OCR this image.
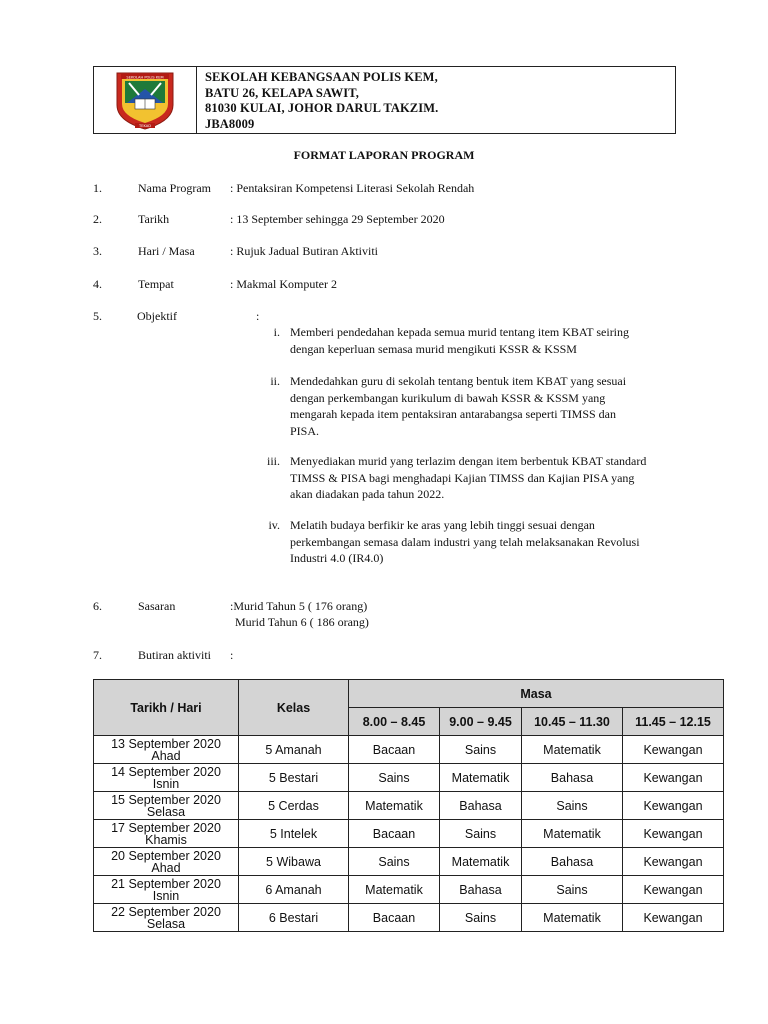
SEKOLAH POLIS KEM
TEKAD
SEKOLAH KEBANGSAAN POLIS KEM,
BATU 26, KELAPA SAWIT,
81030 KULAI, JOHOR DARUL TAKZIM.
JBA8009
FORMAT LAPORAN PROGRAM
1.	Nama Program : Pentaksiran Kompetensi Literasi Sekolah Rendah
2.	Tarikh	: 13 September sehingga 29 September 2020
3.	Hari / Masa	: Rujuk Jadual Butiran Aktiviti
4.	Tempat	: Makmal Komputer 2
5.	Objektif	:
i. Memberi pendedahan kepada semua murid tentang item KBAT seiring
dengan keperluan semasa murid mengikuti KSSR & KSSM
ii. Mendedahkan guru di sekolah tentang bentuk item KBAT yang sesuai
dengan perkembangan kurikulum di bawah KSSR & KSSM yang
mengarah kepada item pentaksiran antarabangsa seperti TIMSS dan
PISA.
iii. Menyediakan murid yang terlazim dengan item berbentuk KBAT standard
TIMSS & PISA bagi menghadapi Kajian TIMSS dan Kajian PISA yang
akan diadakan pada tahun 2022.
iv. Melatih budaya berfikir ke aras yang lebih tinggi sesuai dengan
perkembangan semasa dalam industri yang telah melaksanakan Revolusi
Industri 4.0 (IR4.0)
6.	Sasaran	:Murid Tahun 5 ( 176 orang)
Murid Tahun 6 ( 186 orang)
7.	Butiran aktiviti :
Tarikh / Hari	Kelas	Masa			
		8.00 – 8.45	9.00 – 9.45	10.45 – 11.30	11.45 – 12.15

13 September 2020
Ahad	5 Amanah	Bacaan	Sains	Matematik	Kewangan

14 September 2020
Isnin	5 Bestari	Sains	Matematik	Bahasa	Kewangan

15 September 2020
Selasa	5 Cerdas	Matematik	Bahasa	Sains	Kewangan

17 September 2020
Khamis	5 Intelek	Bacaan	Sains	Matematik	Kewangan

20 September 2020
Ahad	5 Wibawa	Sains	Matematik	Bahasa	Kewangan

21 September 2020
Isnin	6 Amanah	Matematik	Bahasa	Sains	Kewangan

22 September 2020
Selasa	6 Bestari	Bacaan	Sains	Matematik	Kewangan
